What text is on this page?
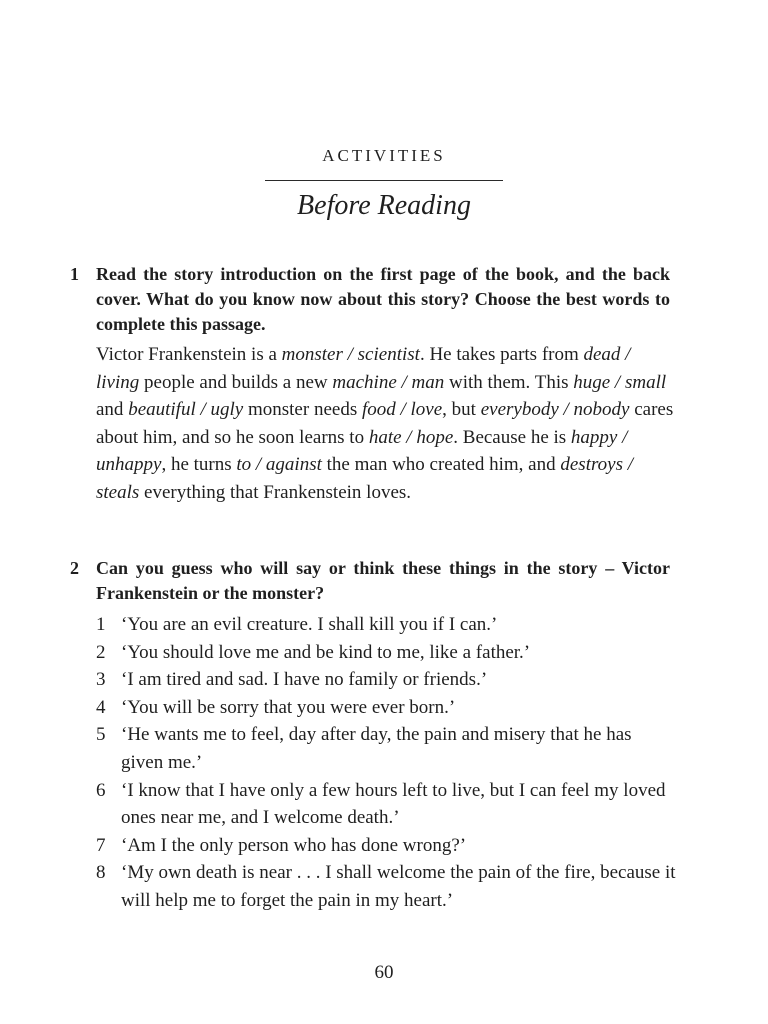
ACTIVITIES
Before Reading
1 Read the story introduction on the first page of the book, and the back cover. What do you know now about this story? Choose the best words to complete this passage.
Victor Frankenstein is a monster / scientist. He takes parts from dead / living people and builds a new machine / man with them. This huge / small and beautiful / ugly monster needs food / love, but everybody / nobody cares about him, and so he soon learns to hate / hope. Because he is happy / unhappy, he turns to / against the man who created him, and destroys / steals everything that Frankenstein loves.
2 Can you guess who will say or think these things in the story – Victor Frankenstein or the monster?
1 ‘You are an evil creature. I shall kill you if I can.’
2 ‘You should love me and be kind to me, like a father.’
3 ‘I am tired and sad. I have no family or friends.’
4 ‘You will be sorry that you were ever born.’
5 ‘He wants me to feel, day after day, the pain and misery that he has given me.’
6 ‘I know that I have only a few hours left to live, but I can feel my loved ones near me, and I welcome death.’
7 ‘Am I the only person who has done wrong?’
8 ‘My own death is near . . . I shall welcome the pain of the fire, because it will help me to forget the pain in my heart.’
60
